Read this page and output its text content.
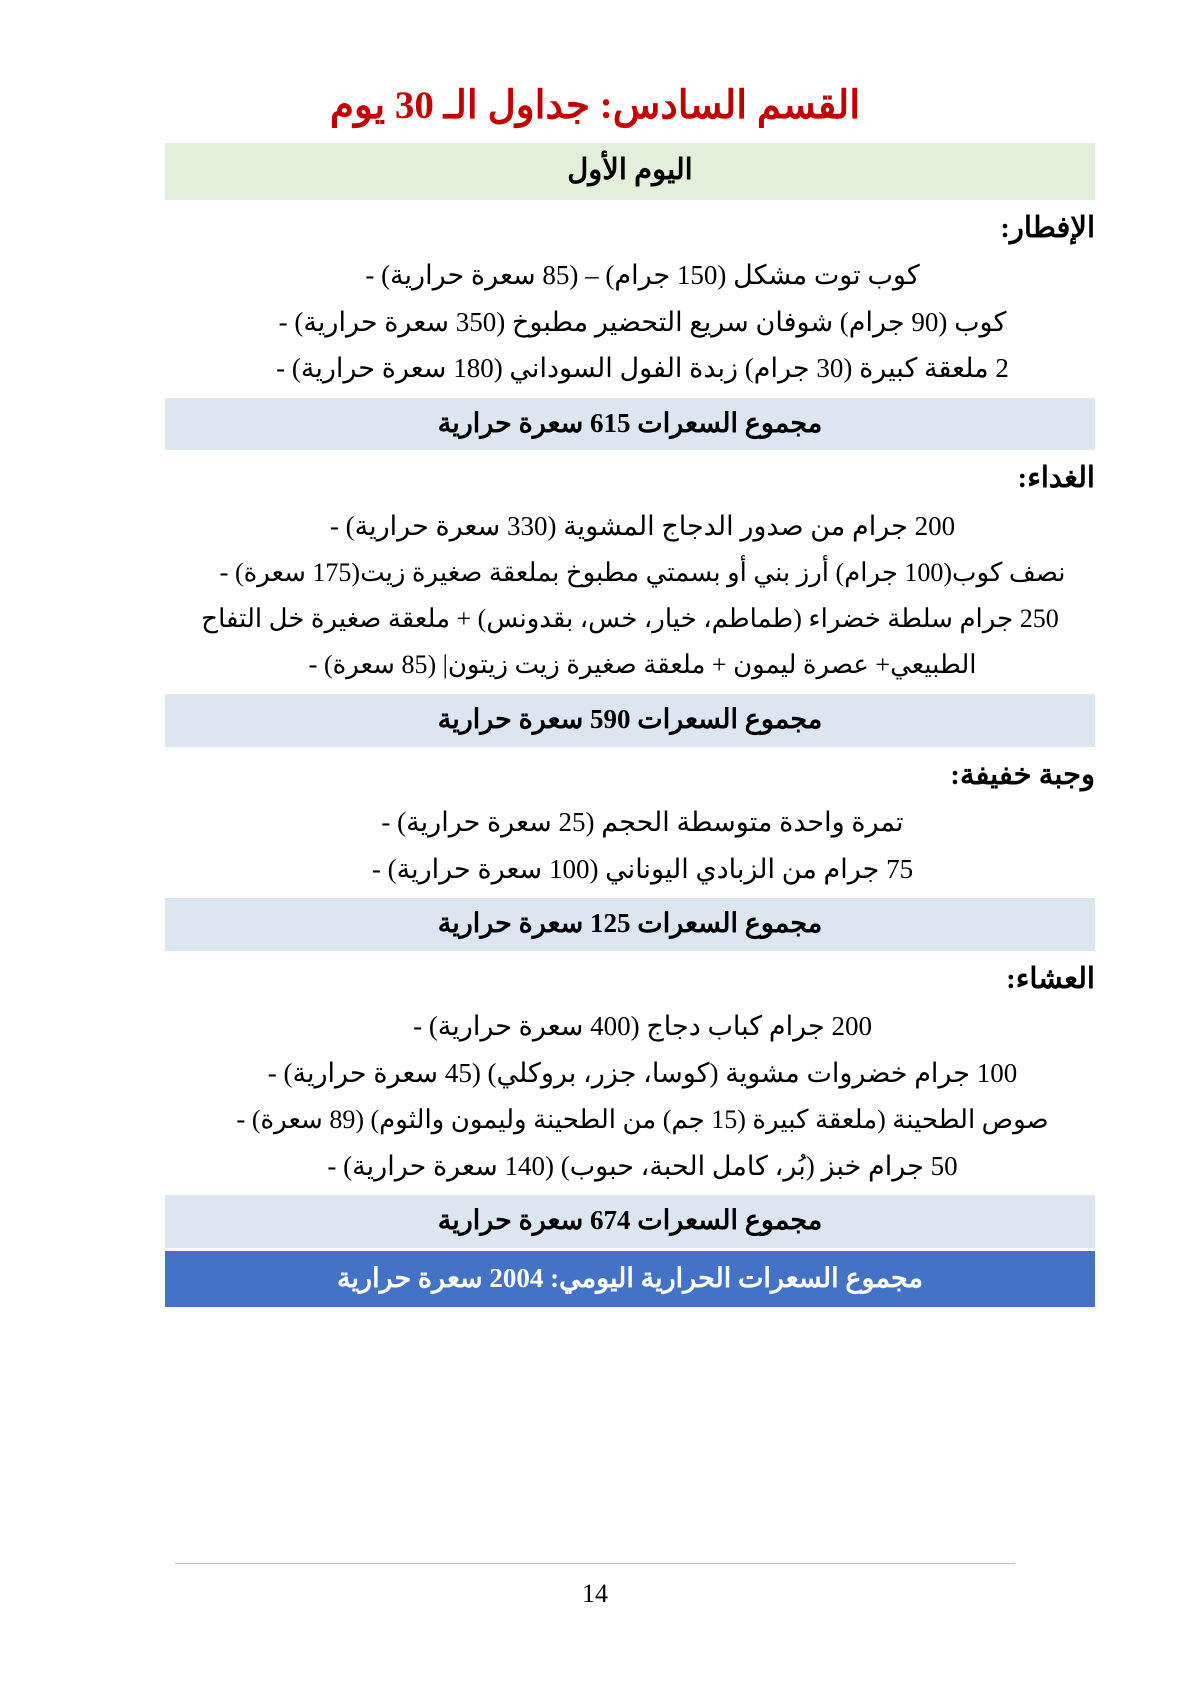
القسم السادس: جداول الـ 30 يوم
اليوم الأول
الإفطار:
كوب توت مشكل (150 جرام) – (85 سعرة حرارية) -
كوب (90 جرام) شوفان سريع التحضير مطبوخ (350 سعرة حرارية) -
2 ملعقة كبيرة (30 جرام) زبدة الفول السوداني (180 سعرة حرارية) -
مجموع السعرات 615 سعرة حرارية
الغداء:
200 جرام من صدور الدجاج المشوية (330 سعرة حرارية) -
نصف كوب(100 جرام) أرز بني أو بسمتي مطبوخ بملعقة صغيرة زيت(175 سعرة) -
250 جرام سلطة خضراء (طماطم، خيار، خس، بقدونس) + ملعقة صغيرة خل التفاح الطبيعي+ عصرة ليمون + ملعقة صغيرة زيت زيتون| (85 سعرة) -
مجموع السعرات 590 سعرة حرارية
وجبة خفيفة:
تمرة واحدة متوسطة الحجم (25 سعرة حرارية) -
75 جرام من الزبادي اليوناني (100 سعرة حرارية) -
مجموع السعرات 125 سعرة حرارية
العشاء:
200 جرام كباب دجاج (400 سعرة حرارية) -
100 جرام خضروات مشوية (كوسا، جزر، بروكلي) (45 سعرة حرارية) -
صوص الطحينة (ملعقة كبيرة (15 جم) من الطحينة وليمون والثوم) (89 سعرة) -
50 جرام خبز (بُر، كامل الحبة، حبوب) (140 سعرة حرارية) -
مجموع السعرات 674 سعرة حرارية
مجموع السعرات الحرارية اليومي: 2004 سعرة حرارية
14
